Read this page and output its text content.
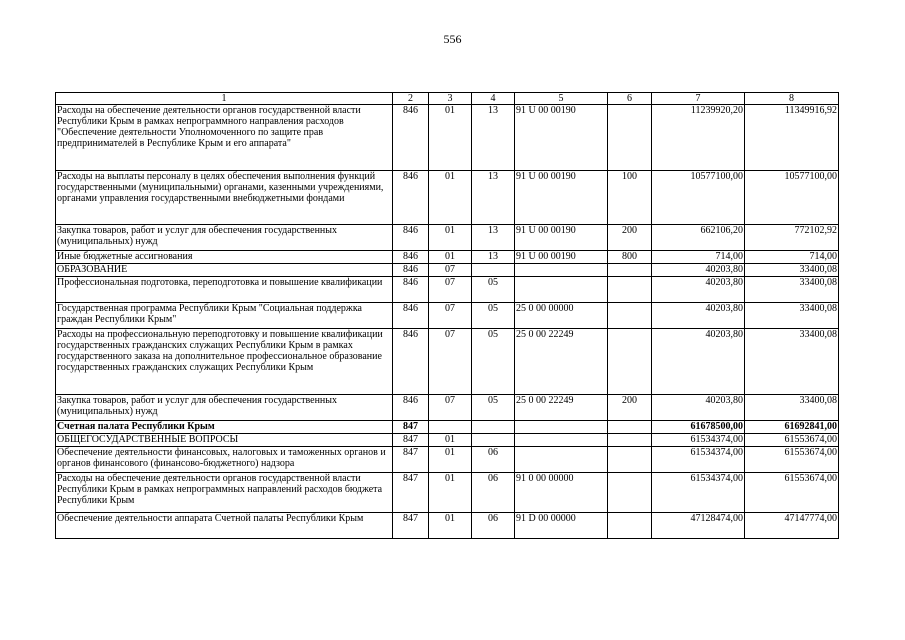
556
1	2	3	4	5	6	7	8
Расходы на обеспечение деятельности органов государственной власти Республики Крым в рамках непрограммного направления расходов "Обеспечение деятельности Уполномоченного по защите прав предпринимателей в Республике Крым и его аппарата"	846	01	13	91 U 00 00190		11239920,20	11349916,92
Расходы на выплаты персоналу в целях обеспечения выполнения функций государственными (муниципальными) органами, казенными учреждениями, органами управления государственными внебюджетными фондами	846	01	13	91 U 00 00190	100	10577100,00	10577100,00
Закупка товаров, работ и услуг для обеспечения государственных (муниципальных) нужд	846	01	13	91 U 00 00190	200	662106,20	772102,92
Иные бюджетные ассигнования	846	01	13	91 U 00 00190	800	714,00	714,00
ОБРАЗОВАНИЕ	846	07				40203,80	33400,08
Профессиональная подготовка, переподготовка и повышение квалификации	846	07	05			40203,80	33400,08
Государственная программа Республики Крым "Социальная поддержка граждан Республики Крым"	846	07	05	25 0 00 00000		40203,80	33400,08
Расходы на профессиональную переподготовку и повышение квалификации государственных гражданских служащих Республики Крым в рамках государственного заказа на дополнительное профессиональное образование государственных гражданских служащих Республики Крым	846	07	05	25 0 00 22249		40203,80	33400,08
Закупка товаров, работ и услуг для обеспечения государственных (муниципальных) нужд	846	07	05	25 0 00 22249	200	40203,80	33400,08
Счетная палата Республики Крым	847					61678500,00	61692841,00
ОБЩЕГОСУДАРСТВЕННЫЕ ВОПРОСЫ	847	01				61534374,00	61553674,00
Обеспечение деятельности финансовых, налоговых и таможенных органов и органов финансового (финансово-бюджетного) надзора	847	01	06			61534374,00	61553674,00
Расходы на обеспечение деятельности органов государственной власти Республики Крым в рамках непрограммных направлений расходов бюджета Республики Крым	847	01	06	91 0 00 00000		61534374,00	61553674,00
Обеспечение деятельности аппарата Счетной палаты Республики Крым	847	01	06	91 D 00 00000		47128474,00	47147774,00
